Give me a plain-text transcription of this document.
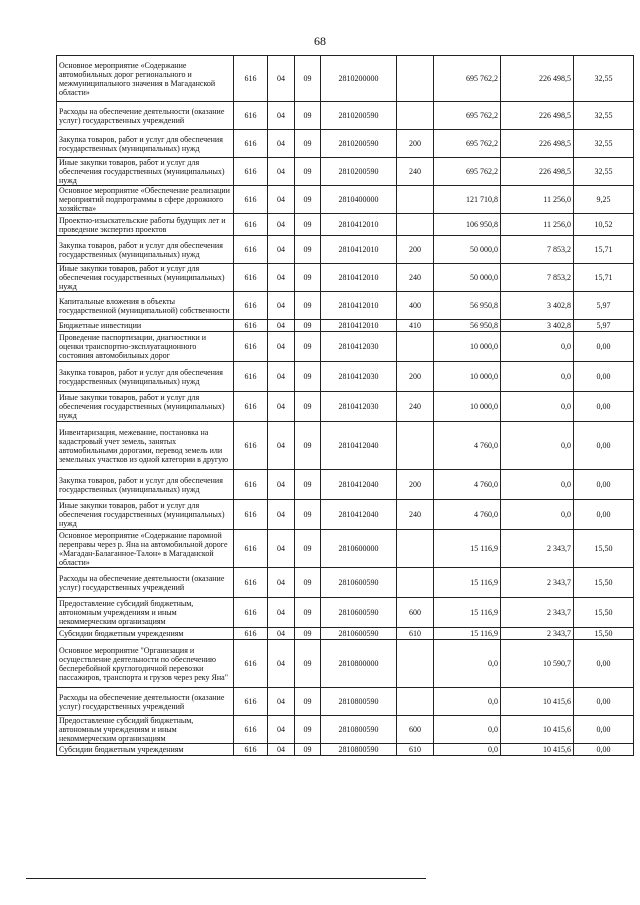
68
Основное мероприятие «Содержание автомобильных дорог регионального и межмуниципального значения в Магаданской области»	616	04	09	2810200000		695 762,2	226 498,5	32,55
Расходы на обеспечение деятельности (оказание услуг) государственных учреждений	616	04	09	2810200590		695 762,2	226 498,5	32,55
Закупка товаров, работ и услуг для обеспечения государственных (муниципальных) нужд	616	04	09	2810200590	200	695 762,2	226 498,5	32,55
Иные закупки товаров, работ и услуг для обеспечения государственных (муниципальных) нужд	616	04	09	2810200590	240	695 762,2	226 498,5	32,55
Основное мероприятие «Обеспечение реализации мероприятий подпрограммы в сфере дорожного хозяйства»	616	04	09	2810400000		121 710,8	11 256,0	9,25
Проектно-изыскательские работы будущих лет и проведение экспертиз проектов	616	04	09	2810412010		106 950,8	11 256,0	10,52
Закупка товаров, работ и услуг для обеспечения государственных (муниципальных) нужд	616	04	09	2810412010	200	50 000,0	7 853,2	15,71
Иные закупки товаров, работ и услуг для обеспечения государственных (муниципальных) нужд	616	04	09	2810412010	240	50 000,0	7 853,2	15,71
Капитальные вложения в объекты государственной (муниципальной) собственности	616	04	09	2810412010	400	56 950,8	3 402,8	5,97
Бюджетные инвестиции	616	04	09	2810412010	410	56 950,8	3 402,8	5,97
Проведение паспортизации, диагностики и оценки транспортно-эксплуатационного состояния автомобильных дорог	616	04	09	2810412030		10 000,0	0,0	0,00
Закупка товаров, работ и услуг для обеспечения государственных (муниципальных) нужд	616	04	09	2810412030	200	10 000,0	0,0	0,00
Иные закупки товаров, работ и услуг для обеспечения государственных (муниципальных) нужд	616	04	09	2810412030	240	10 000,0	0,0	0,00
Инвентаризация, межевание, постановка на кадастровый учет земель, занятых автомобильными дорогами, перевод земель или земельных участков из одной категории в другую	616	04	09	2810412040		4 760,0	0,0	0,00
Закупка товаров, работ и услуг для обеспечения государственных (муниципальных) нужд	616	04	09	2810412040	200	4 760,0	0,0	0,00
Иные закупки товаров, работ и услуг для обеспечения государственных (муниципальных) нужд	616	04	09	2810412040	240	4 760,0	0,0	0,00
Основное мероприятие «Содержание паромной переправы через р. Яна на автомобильной дороге «Магадан-Балаганное-Талон» в Магаданской области»	616	04	09	2810600000		15 116,9	2 343,7	15,50
Расходы на обеспечение деятельности (оказание услуг) государственных учреждений	616	04	09	2810600590		15 116,9	2 343,7	15,50
Предоставление субсидий бюджетным, автономным учреждениям и иным некоммерческим организациям	616	04	09	2810600590	600	15 116,9	2 343,7	15,50
Субсидии бюджетным учреждениям	616	04	09	2810600590	610	15 116,9	2 343,7	15,50
Основное мероприятие "Организация и осуществление деятельности по обеспечению бесперебойной круглогодичной перевозки пассажиров, транспорта и грузов через реку Яна"	616	04	09	2810800000		0,0	10 590,7	0,00
Расходы на обеспечение деятельности (оказание услуг) государственных учреждений	616	04	09	2810800590		0,0	10 415,6	0,00
Предоставление субсидий бюджетным, автономным учреждениям и иным некоммерческим организациям	616	04	09	2810800590	600	0,0	10 415,6	0,00
Субсидии бюджетным учреждениям	616	04	09	2810800590	610	0,0	10 415,6	0,00
